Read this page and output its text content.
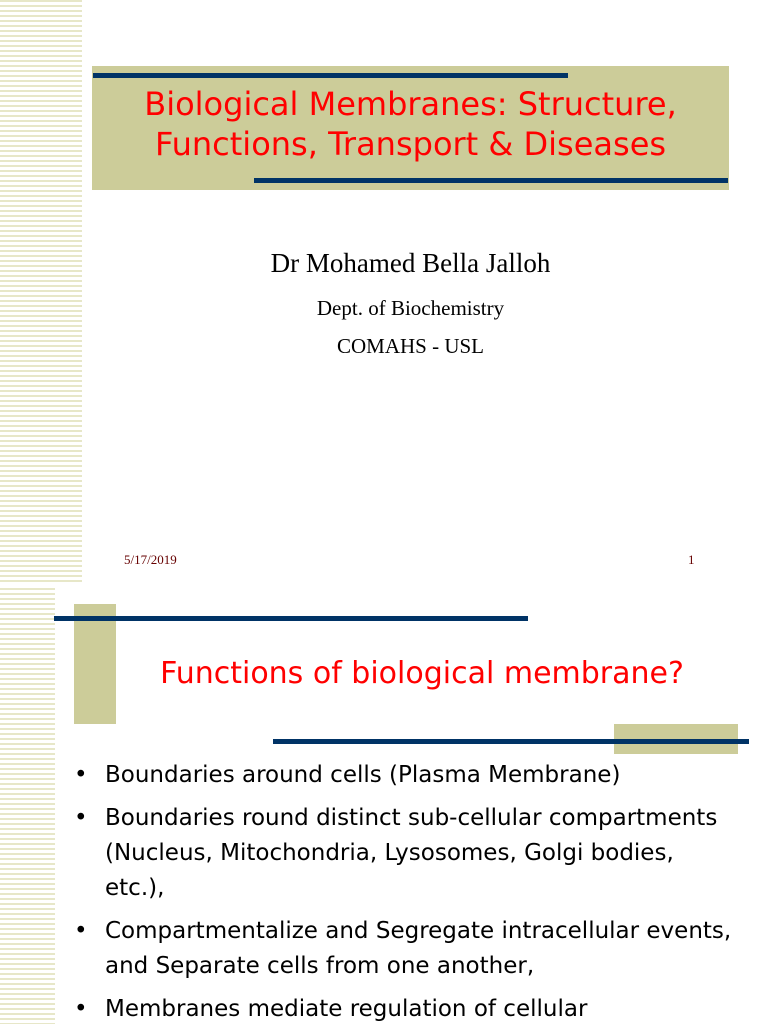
Biological Membranes: Structure,
Functions, Transport & Diseases

Dr Mohamed Bella Jalloh

Dept. of Biochemistry

COMAHS - USL

5/17/2019	1
Functions of biological membrane?
• Boundaries around cells (Plasma Membrane)
• Boundaries round distinct sub-cellular compartments (Nucleus, Mitochondria, Lysosomes, Golgi bodies, etc.),
• Compartmentalize and Segregate intracellular events, and Separate cells from one another,
• Membranes mediate regulation of cellular
